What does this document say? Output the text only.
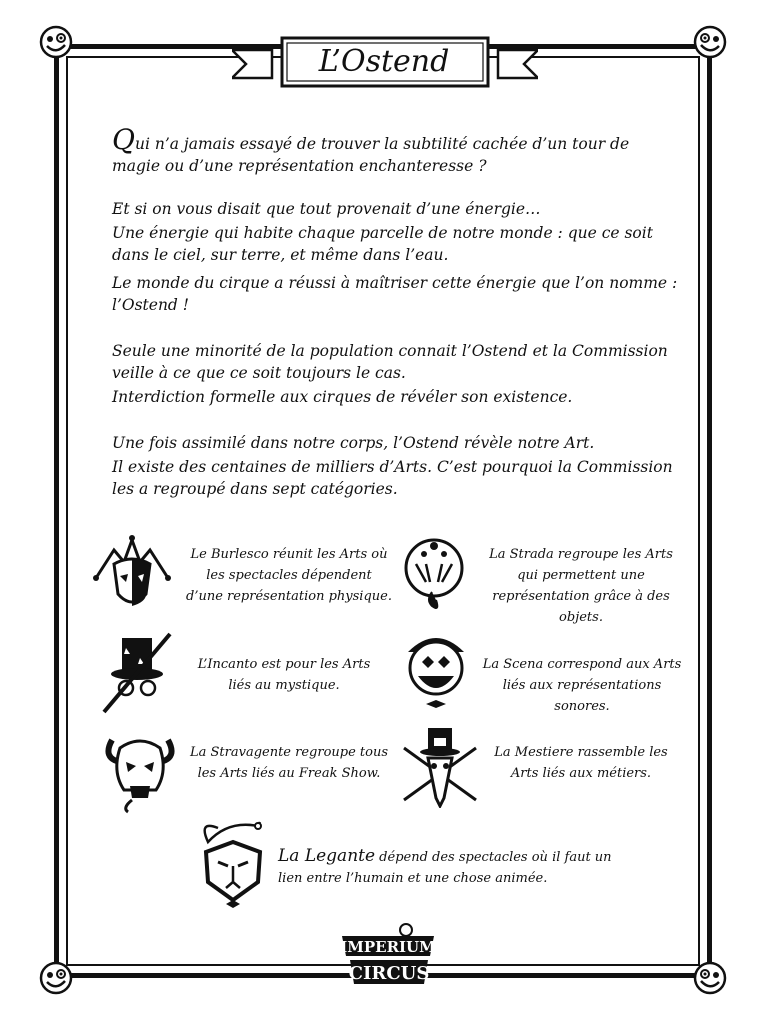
L’Ostend

Qui n’a jamais essayé de trouver la subtilité cachée d’un tour de magie ou d’une représentation enchanteresse ?

Et si on vous disait que tout provenait d’une énergie…

Une énergie qui habite chaque parcelle de notre monde : que ce soit dans le ciel, sur terre, et même dans l’eau.

Le monde du cirque a réussi à maîtriser cette énergie que l’on nomme : l’Ostend !

Seule une minorité de la population connait l’Ostend et la Commission veille à ce que ce soit toujours le cas.

Interdiction formelle aux cirques de révéler son existence.

Une fois assimilé dans notre corps, l’Ostend révèle notre Art.

Il existe des centaines de milliers d’Arts. C’est pourquoi la Commission les a regroupé dans sept catégories.

Le Burlesco réunit les Arts où les spectacles dépendent d’une représentation physique.

La Strada regroupe les Arts qui permettent une représentation grâce à des objets.

L’Incanto est pour les Arts liés au mystique.

La Scena correspond aux Arts liés aux représentations sonores.

La Stravagente regroupe tous les Arts liés au Freak Show.

La Mestiere rassemble les Arts liés aux métiers.

La Legante dépend des spectacles où il faut un lien entre l’humain et une chose animée.

IMPERIUM
CIRCUS
